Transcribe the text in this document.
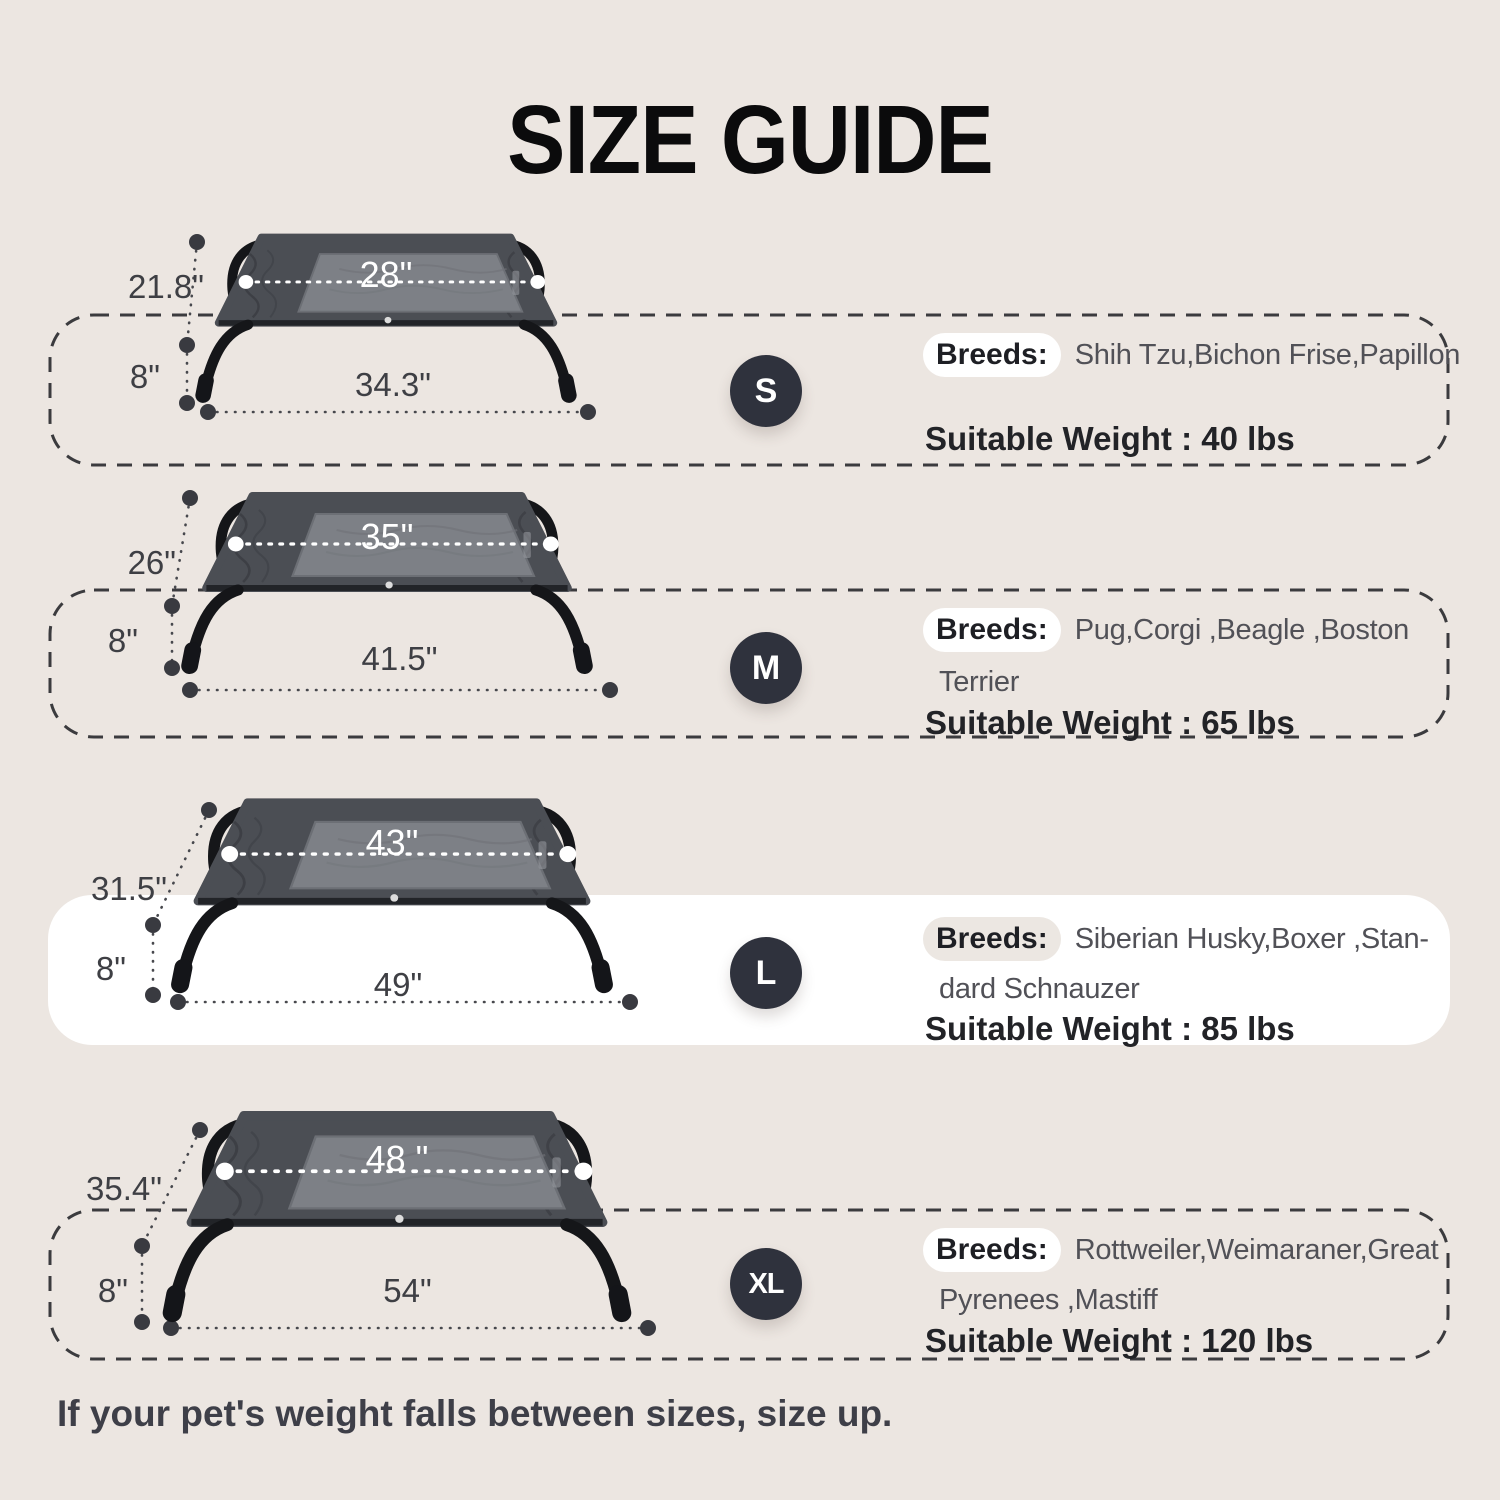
SIZE GUIDE
28"
21.8"
8"	34.3"	S
Breeds: Shih Tzu,Bichon Frise,Papillon
Suitable Weight : 40 lbs
35"
26"
8"	41.5"	M
Breeds: Pug,Corgi ,Beagle ,Boston
Terrier
Suitable Weight : 65 lbs
43"
31.5"
8"	49"	L
Breeds: Siberian Husky,Boxer ,Stan-
dard Schnauzer
Suitable Weight : 85 lbs
48 "
35.4"
8"	54"	XL
Breeds: Rottweiler,Weimaraner,Great
Pyrenees ,Mastiff
Suitable Weight : 120 lbs
If your pet's weight falls between sizes, size up.
